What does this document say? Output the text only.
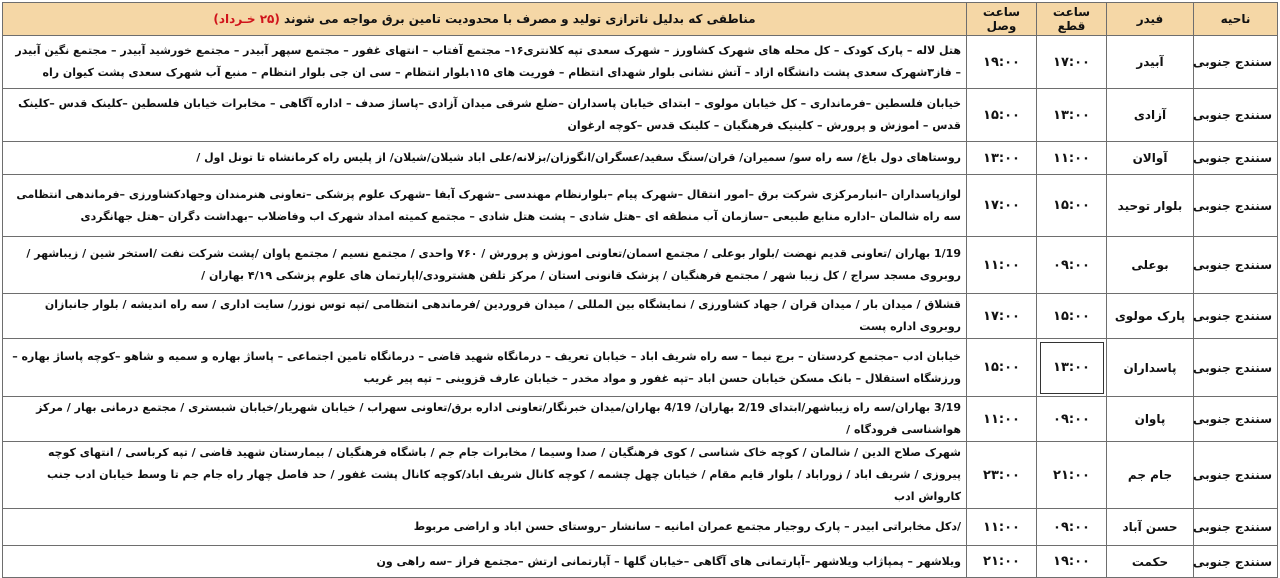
ناحیه	فیدر	ساعت قطع	ساعت وصل	مناطقی که بدلیل ناترازی تولید و مصرف با محدودیت تامین برق مواجه می شوند (۲۵ خـرداد)
سنندج جنوبی	آبیدر	۱۷:۰۰	۱۹:۰۰	هتل لاله – پارک کودک – کل محله های شهرک کشاورز – شهرک سعدی تپه کلانتری۱۶– مجتمع آفتاب – انتهای غفور – مجتمع سپهر آبیدر – مجتمع خورشید آبیدر – مجتمع نگین آبیدر – فاز۳شهرک سعدی پشت دانشگاه ازاد – آتش نشانی بلوار شهدای انتظام – فوریت های ۱۱۵بلوار انتظام – سی ان جی بلوار انتظام – منبع آب شهرک سعدی پشت کیوان راه
سنندج جنوبی	آزادی	۱۳:۰۰	۱۵:۰۰	خیابان فلسطین –فرمانداری – کل خیابان مولوی – ابتدای خیابان پاسداران –ضلع شرقی میدان آزادی –پاساژ صدف – اداره آگاهی – مخابرات خیابان فلسطین –کلینک قدس –کلینک قدس – اموزش و پرورش – کلینیک فرهنگیان – کلینک قدس –کوچه ارغوان
سنندج جنوبی	آوالان	۱۱:۰۰	۱۳:۰۰	روستاهای دول باغ/ سه راه سو/ سمیران/ قران/سنگ سفید/عسگران/انگوزان/بزلانه/علی اباد شیلان/شیلان/ از پلیس راه کرمانشاه تا تونل اول /
سنندج جنوبی	بلوار توحید	۱۵:۰۰	۱۷:۰۰	لوازپاسداران –انبارمرکزی شرکت برق –امور انتقال –شهرک پیام –بلوارنظام مهندسی –شهرک آبفا –شهرک علوم پزشکی –تعاونی هنرمندان وجهادکشاورزی –فرماندهی انتظامی سه راه شالمان –اداره منابع طبیعی –سازمان آب منطقه ای –هتل شادی – پشت هتل شادی – مجتمع کمیته امداد شهرک اب وفاضلاب –بهداشت دگران –هتل جهانگردی
سنندج جنوبی	بوعلی	۰۹:۰۰	۱۱:۰۰	1/19 بهاران /تعاونی قدیم نهضت /بلوار بوعلی / مجتمع اسمان/تعاونی اموزش و پرورش / ۷۶۰ واحدی / مجتمع نسیم / مجتمع پاوان /پشت شرکت نفت /استخر شین / زیباشهر / روبروی مسجد سراج / کل زیبا شهر / مجتمع فرهنگیان / پزشک قانونی استان / مرکز تلفن هشترودی/اپارتمان های علوم پزشکی ۴/۱۹ بهاران /
سنندج جنوبی	پارک مولوی	۱۵:۰۰	۱۷:۰۰	قشلاق / میدان بار / میدان قران / جهاد کشاورزی / نمایشگاه بین المللی / میدان فروردین /فرماندهی انتظامی /تپه توس نوزر/ سایت اداری / سه راه اندیشه / بلوار جانبازان روبروی اداره پست
سنندج جنوبی	پاسداران	۱۳:۰۰	۱۵:۰۰	خیابان ادب –مجتمع کردستان – برج نیما – سه راه شریف اباد – خیابان تعریف – درمانگاه شهید قاضی – درمانگاه تامین اجتماعی – پاساژ بهاره و سمیه و شاهو –کوچه پاساژ بهاره –ورزشگاه استقلال – بانک مسکن خیابان حسن اباد –تپه غفور و مواد مخدر – خیابان عارف قزوینی – تپه پیر غریب
سنندج جنوبی	پاوان	۰۹:۰۰	۱۱:۰۰	3/19 بهاران/سه راه زیباشهر/ابتدای 2/19 بهاران/ 4/19 بهاران/میدان خبرنگار/تعاونی اداره برق/تعاونی سهراب / خیابان شهریار/خیابان شبستری / مجتمع درمانی بهار / مرکز هواشناسی فرودگاه /
سنندج جنوبی	جام جم	۲۱:۰۰	۲۳:۰۰	شهرک صلاح الدین / شالمان / کوچه خاک شناسی / کوی فرهنگیان / صدا وسیما / مخابرات جام جم / باشگاه فرهنگیان / بیمارستان شهید قاضی / تپه کرباسی / انتهای کوچه پیروزی / شریف اباد / زوراباد / بلوار قایم مقام / خیابان چهل چشمه / کوچه کانال شریف اباد/کوچه کانال پشت غفور / حد فاصل چهار راه جام جم تا وسط خیابان ادب جنب کارواش ادب
سنندج جنوبی	حسن آباد	۰۹:۰۰	۱۱:۰۰	/دکل مخابراتی ابیدر – پارک روجیار مجتمع عمران امانیه – سانشار –روستای حسن اباد و اراضی مربوط
سنندج جنوبی	حکمت	۱۹:۰۰	۲۱:۰۰	ویلاشهر – پمپاژاب ویلاشهر –آپارتمانی های آگاهی –خیابان گلها – آپارتمانی ارتش –مجتمع فراز –سه راهی ون
